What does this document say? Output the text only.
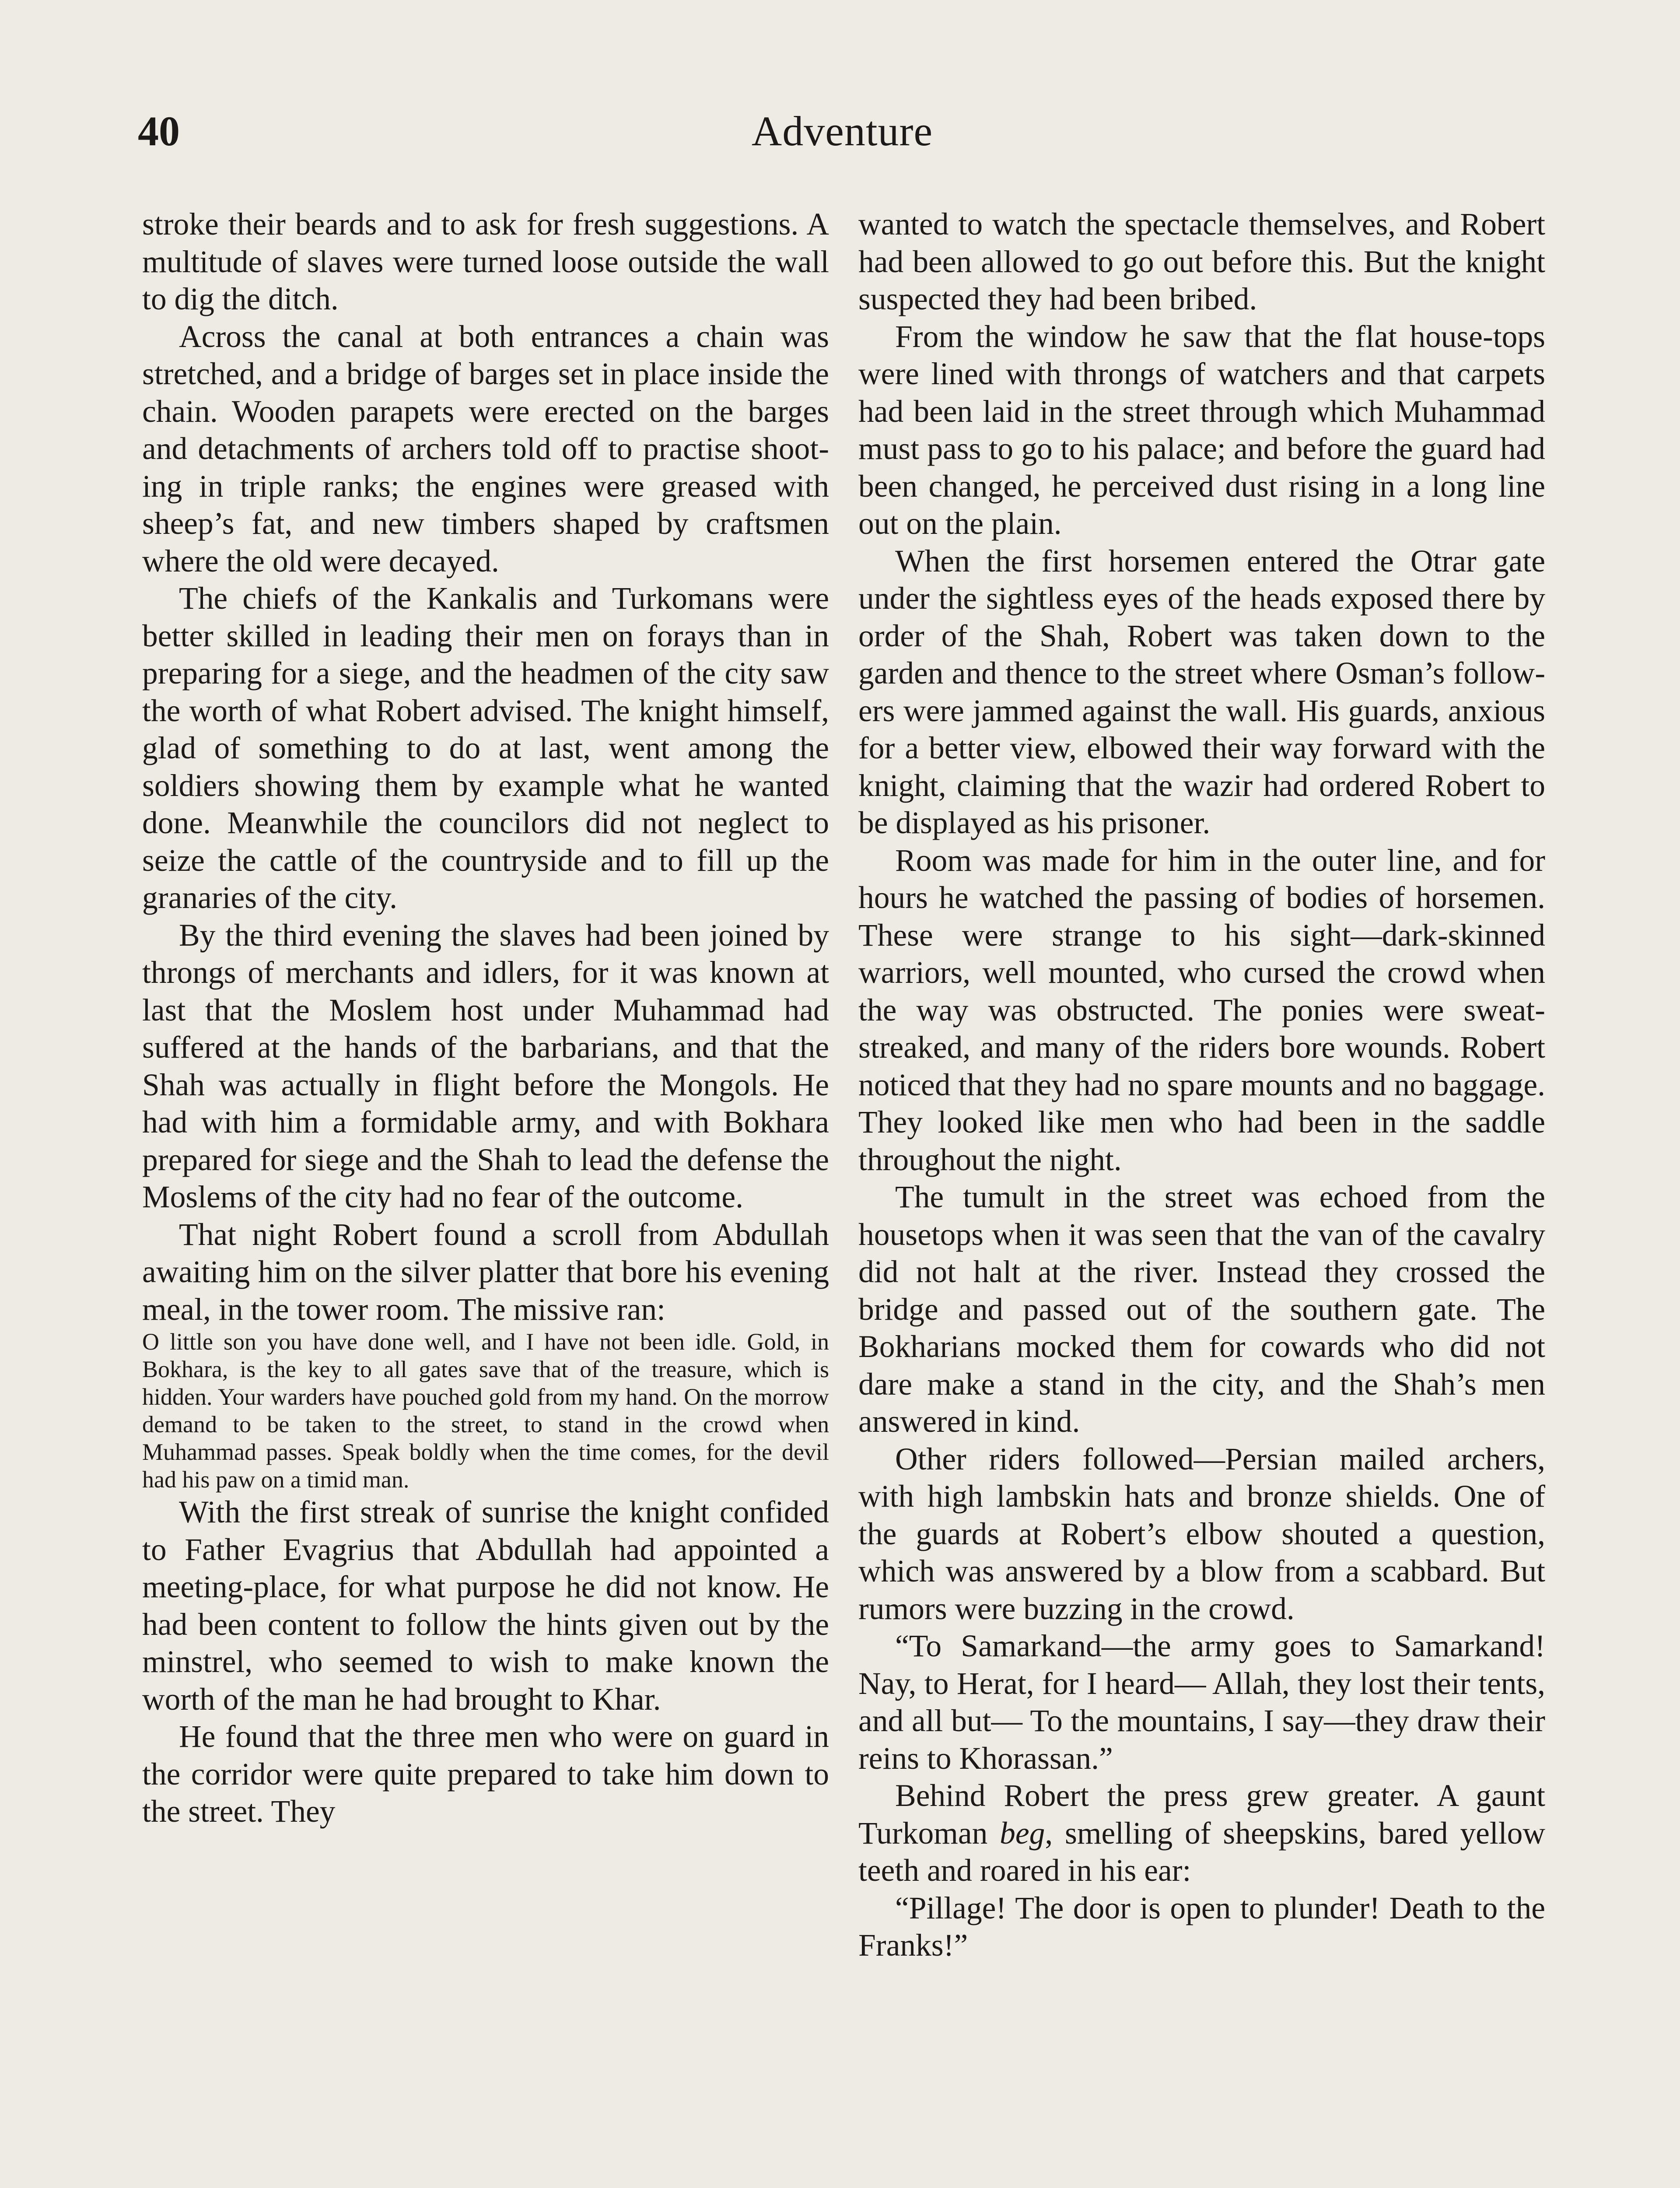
40	Adventure

stroke their beards and to ask for fresh suggestions. A multitude of slaves were turned loose outside the wall to dig the ditch.

Across the canal at both entrances a chain was stretched, and a bridge of barges set in place inside the chain. Wooden parapets were erected on the barges and detachments of archers told off to practise shooting in triple ranks; the engines were greased with sheep’s fat, and new timbers shaped by craftsmen where the old were decayed.

The chiefs of the Kankalis and Turkomans were better skilled in leading their men on forays than in preparing for a siege, and the headmen of the city saw the worth of what Robert advised. The knight himself, glad of something to do at last, went among the soldiers showing them by example what he wanted done. Meanwhile the councilors did not neglect to seize the cattle of the countryside and to fill up the granaries of the city.

By the third evening the slaves had been joined by throngs of merchants and idlers, for it was known at last that the Moslem host under Muhammad had suffered at the hands of the barbarians, and that the Shah was actually in flight before the Mongols. He had with him a formidable army, and with Bokhara prepared for siege and the Shah to lead the defense the Moslems of the city had no fear of the outcome.

That night Robert found a scroll from Abdullah awaiting him on the silver platter that bore his evening meal, in the tower room. The missive ran:

O little son you have done well, and I have not been idle. Gold, in Bokhara, is the key to all gates save that of the treasure, which is hidden. Your warders have pouched gold from my hand. On the morrow demand to be taken to the street, to stand in the crowd when Muhammad passes. Speak boldly when the time comes, for the devil had his paw on a timid man.

With the first streak of sunrise the knight confided to Father Evagrius that Abdullah had appointed a meeting-place, for what purpose he did not know. He had been content to follow the hints given out by the minstrel, who seemed to wish to make known the worth of the man he had brought to Khar.

He found that the three men who were on guard in the corridor were quite prepared to take him down to the street. They

wanted to watch the spectacle themselves, and Robert had been allowed to go out before this. But the knight suspected they had been bribed.

From the window he saw that the flat house-tops were lined with throngs of watchers and that carpets had been laid in the street through which Muhammad must pass to go to his palace; and before the guard had been changed, he perceived dust rising in a long line out on the plain.

When the first horsemen entered the Otrar gate under the sightless eyes of the heads exposed there by order of the Shah, Robert was taken down to the garden and thence to the street where Osman’s followers were jammed against the wall. His guards, anxious for a better view, elbowed their way forward with the knight, claiming that the wazir had ordered Robert to be displayed as his prisoner.

Room was made for him in the outer line, and for hours he watched the passing of bodies of horsemen. These were strange to his sight—dark-skinned warriors, well mounted, who cursed the crowd when the way was obstructed. The ponies were sweat-streaked, and many of the riders bore wounds. Robert noticed that they had no spare mounts and no baggage. They looked like men who had been in the saddle throughout the night.

The tumult in the street was echoed from the housetops when it was seen that the van of the cavalry did not halt at the river. Instead they crossed the bridge and passed out of the southern gate. The Bokharians mocked them for cowards who did not dare make a stand in the city, and the Shah’s men answered in kind.

Other riders followed—Persian mailed archers, with high lambskin hats and bronze shields. One of the guards at Robert’s elbow shouted a question, which was answered by a blow from a scabbard. But rumors were buzzing in the crowd.

“To Samarkand—the army goes to Samarkand! Nay, to Herat, for I heard— Allah, they lost their tents, and all but— To the mountains, I say—they draw their reins to Khorassan.”

Behind Robert the press grew greater. A gaunt Turkoman beg, smelling of sheepskins, bared yellow teeth and roared in his ear:

“Pillage! The door is open to plunder! Death to the Franks!”
